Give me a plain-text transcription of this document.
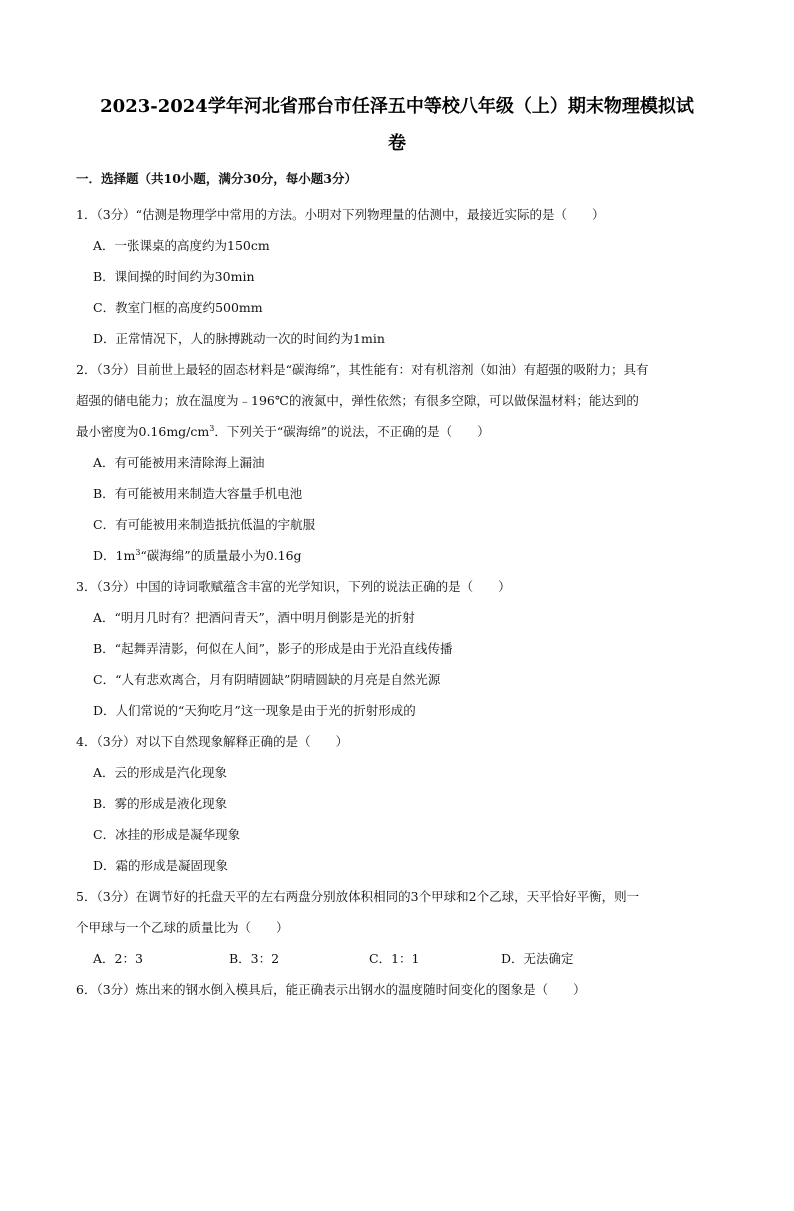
2023-2024学年河北省邢台市任泽五中等校八年级（上）期末物理模拟试
卷
一．选择题（共10小题，满分30分，每小题3分）
1．（3分）“估测是物理学中常用的方法。小明对下列物理量的估测中，最接近实际的是（　　）
A．一张课桌的高度约为150cm
B．课间操的时间约为30min
C．教室门框的高度约500mm
D．正常情况下，人的脉搏跳动一次的时间约为1min
2．（3分）目前世上最轻的固态材料是“碳海绵”，其性能有：对有机溶剂（如油）有超强的吸附力；具有
超强的储电能力；放在温度为﹣196℃的液氮中，弹性依然；有很多空隙，可以做保温材料；能达到的
最小密度为$0.16mg/cm^3$．下列关于“碳海绵”的说法，不正确的是（　　）
A．有可能被用来清除海上漏油
B．有可能被用来制造大容量手机电池
C．有可能被用来制造抵抗低温的宇航服
D．$1m^3“$碳海绵”的质量最小为0.16g
3．（3分）中国的诗词歌赋蕴含丰富的光学知识，下列的说法正确的是（　　）
A．“明月几时有？把酒问青天”，酒中明月倒影是光的折射
B．“起舞弄清影，何似在人间”，影子的形成是由于光沿直线传播
C．“人有悲欢离合，月有阴晴圆缺”阴晴圆缺的月亮是自然光源
D．人们常说的“天狗吃月”这一现象是由于光的折射形成的
4．（3分）对以下自然现象解释正确的是（　　）
A．云的形成是汽化现象
B．雾的形成是液化现象
C．冰挂的形成是凝华现象
D．霜的形成是凝固现象
5．（3分）在调节好的托盘天平的左右两盘分别放体积相同的3个甲球和2个乙球，天平恰好平衡，则一
个甲球与一个乙球的质量比为（　　）
A．2：3	B．3：2	C．1：1	D．无法确定
6．（3分）炼出来的钢水倒入模具后，能正确表示出钢水的温度随时间变化的图象是（　　）
